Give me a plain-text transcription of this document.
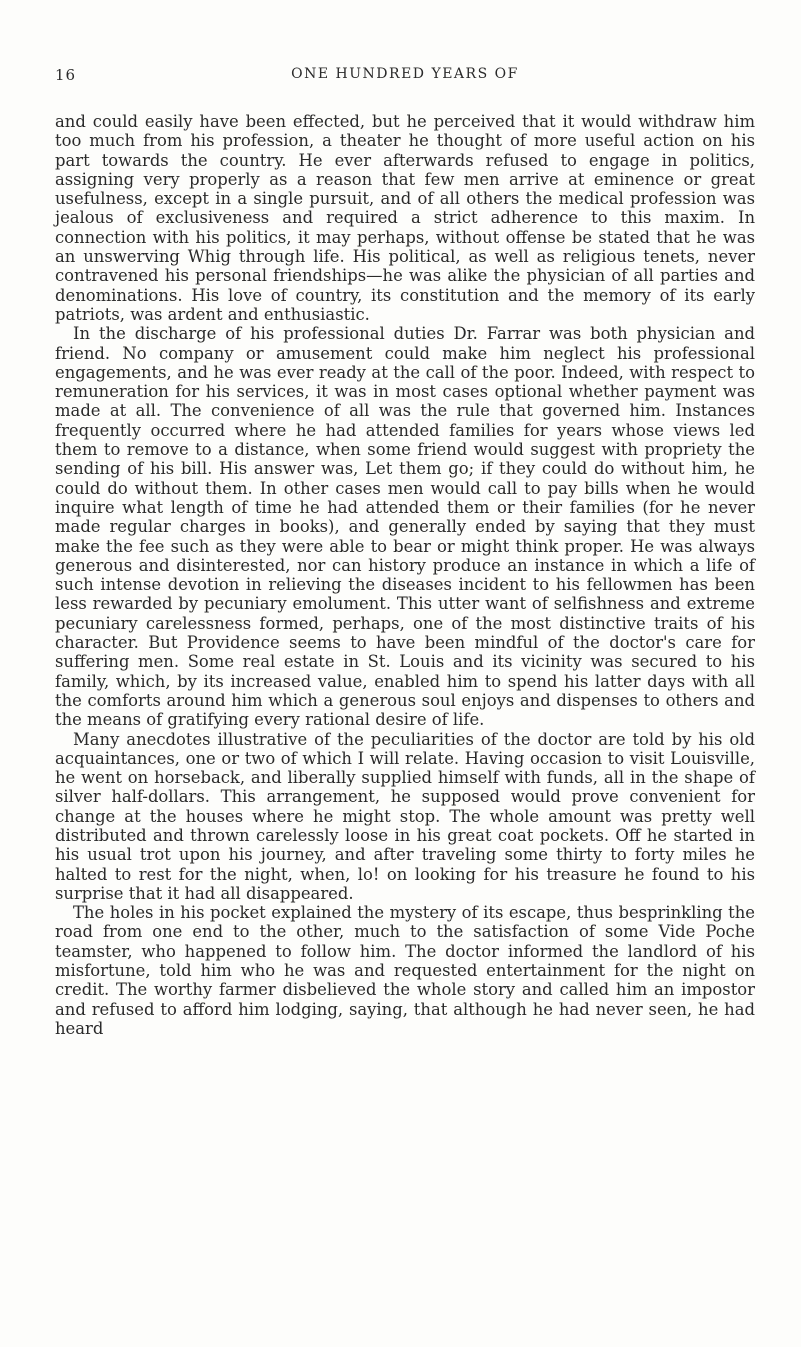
16	ONE HUNDRED YEARS OF

and could easily have been effected, but he perceived that it would withdraw him too much from his profession, a theater he thought of more useful action on his part towards the country. He ever afterwards refused to engage in politics, assigning very properly as a reason that few men arrive at eminence or great usefulness, except in a single pursuit, and of all others the medical profession was jealous of exclusiveness and required a strict adherence to this maxim. In connection with his politics, it may perhaps, without offense be stated that he was an unswerving Whig through life. His political, as well as religious tenets, never contravened his personal friendships—he was alike the physician of all parties and denominations. His love of country, its constitution and the memory of its early patriots, was ardent and enthusiastic.

In the discharge of his professional duties Dr. Farrar was both physician and friend. No company or amusement could make him neglect his professional engagements, and he was ever ready at the call of the poor. Indeed, with respect to remuneration for his services, it was in most cases optional whether payment was made at all. The convenience of all was the rule that governed him. Instances frequently occurred where he had attended families for years whose views led them to remove to a distance, when some friend would suggest with propriety the sending of his bill. His answer was, Let them go; if they could do without him, he could do without them. In other cases men would call to pay bills when he would inquire what length of time he had attended them or their families (for he never made regular charges in books), and generally ended by saying that they must make the fee such as they were able to bear or might think proper. He was always generous and disinterested, nor can history produce an instance in which a life of such intense devotion in relieving the diseases incident to his fellowmen has been less rewarded by pecuniary emolument. This utter want of selfishness and extreme pecuniary carelessness formed, perhaps, one of the most distinctive traits of his character. But Providence seems to have been mindful of the doctor's care for suffering men. Some real estate in St. Louis and its vicinity was secured to his family, which, by its increased value, enabled him to spend his latter days with all the comforts around him which a generous soul enjoys and dispenses to others and the means of gratifying every rational desire of life.

Many anecdotes illustrative of the peculiarities of the doctor are told by his old acquaintances, one or two of which I will relate. Having occasion to visit Louisville, he went on horseback, and liberally supplied himself with funds, all in the shape of silver half-dollars. This arrangement, he supposed would prove convenient for change at the houses where he might stop. The whole amount was pretty well distributed and thrown carelessly loose in his great coat pockets. Off he started in his usual trot upon his journey, and after traveling some thirty to forty miles he halted to rest for the night, when, lo! on looking for his treasure he found to his surprise that it had all disappeared.

The holes in his pocket explained the mystery of its escape, thus besprinkling the road from one end to the other, much to the satisfaction of some Vide Poche teamster, who happened to follow him. The doctor informed the landlord of his misfortune, told him who he was and requested entertainment for the night on credit. The worthy farmer disbelieved the whole story and called him an impostor and refused to afford him lodging, saying, that although he had never seen, he had heard
